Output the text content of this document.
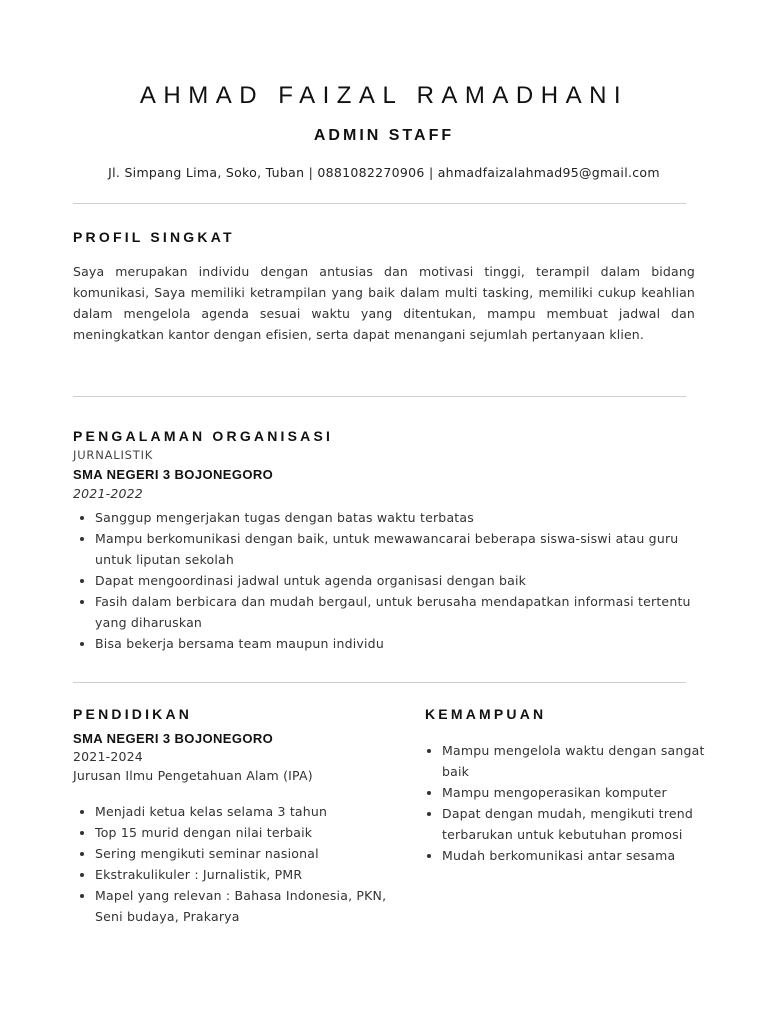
AHMAD FAIZAL RAMADHANI
ADMIN STAFF
Jl. Simpang Lima, Soko, Tuban | 0881082270906 | ahmadfaizalahmad95@gmail.com
PROFIL SINGKAT

Saya merupakan individu dengan antusias dan motivasi tinggi, terampil dalam bidang komunikasi, Saya memiliki ketrampilan yang baik dalam multi tasking, memiliki cukup keahlian dalam mengelola agenda sesuai waktu yang ditentukan, mampu membuat jadwal dan meningkatkan kantor dengan efisien, serta dapat menangani sejumlah pertanyaan klien.

PENGALAMAN ORGANISASI
JURNALISTIK
SMA NEGERI 3 BOJONEGORO
2021-2022
• Sanggup mengerjakan tugas dengan batas waktu terbatas
• Mampu berkomunikasi dengan baik, untuk mewawancarai beberapa siswa-siswi atau guru untuk liputan sekolah
• Dapat mengoordinasi jadwal untuk agenda organisasi dengan baik
• Fasih dalam berbicara dan mudah bergaul, untuk berusaha mendapatkan informasi tertentu yang diharuskan
• Bisa bekerja bersama team maupun individu
PENDIDIKAN
SMA NEGERI 3 BOJONEGORO
2021-2024
Jurusan Ilmu Pengetahuan Alam (IPA)
• Menjadi ketua kelas selama 3 tahun
• Top 15 murid dengan nilai terbaik
• Sering mengikuti seminar nasional
• Ekstrakulikuler : Jurnalistik, PMR
• Mapel yang relevan : Bahasa Indonesia, PKN, Seni budaya, Prakarya
KEMAMPUAN
• Mampu mengelola waktu dengan sangat baik
• Mampu mengoperasikan komputer
• Dapat dengan mudah, mengikuti trend terbarukan untuk kebutuhan promosi
• Mudah berkomunikasi antar sesama
